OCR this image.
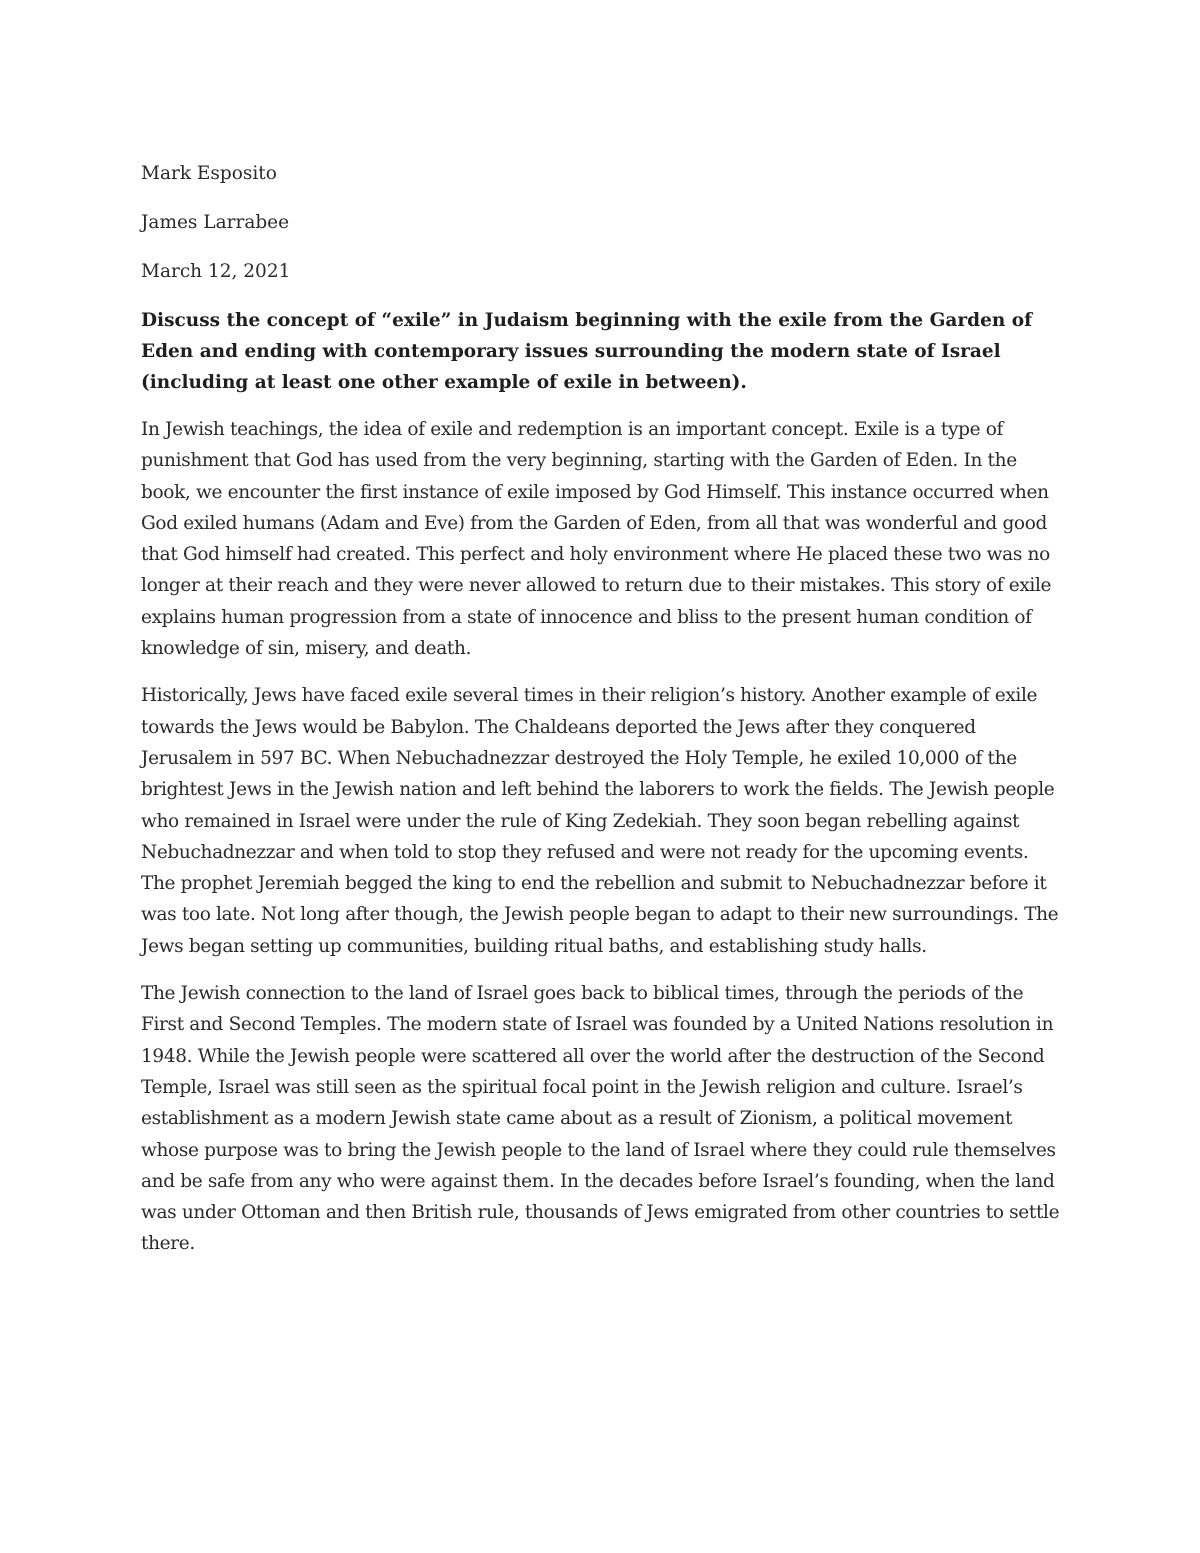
Mark Esposito

James Larrabee

March 12, 2021

Discuss the concept of “exile” in Judaism beginning with the exile from the Garden of Eden and ending with contemporary issues surrounding the modern state of Israel (including at least one other example of exile in between).

In Jewish teachings, the idea of exile and redemption is an important concept. Exile is a type of punishment that God has used from the very beginning, starting with the Garden of Eden. In the book, we encounter the first instance of exile imposed by God Himself. This instance occurred when God exiled humans (Adam and Eve) from the Garden of Eden, from all that was wonderful and good that God himself had created. This perfect and holy environment where He placed these two was no longer at their reach and they were never allowed to return due to their mistakes. This story of exile explains human progression from a state of innocence and bliss to the present human condition of knowledge of sin, misery, and death.

Historically, Jews have faced exile several times in their religion’s history. Another example of exile towards the Jews would be Babylon. The Chaldeans deported the Jews after they conquered Jerusalem in 597 BC. When Nebuchadnezzar destroyed the Holy Temple, he exiled 10,000 of the brightest Jews in the Jewish nation and left behind the laborers to work the fields. The Jewish people who remained in Israel were under the rule of King Zedekiah. They soon began rebelling against Nebuchadnezzar and when told to stop they refused and were not ready for the upcoming events. The prophet Jeremiah begged the king to end the rebellion and submit to Nebuchadnezzar before it was too late. Not long after though, the Jewish people began to adapt to their new surroundings. The Jews began setting up communities, building ritual baths, and establishing study halls.

The Jewish connection to the land of Israel goes back to biblical times, through the periods of the First and Second Temples. The modern state of Israel was founded by a United Nations resolution in 1948. While the Jewish people were scattered all over the world after the destruction of the Second Temple, Israel was still seen as the spiritual focal point in the Jewish religion and culture. Israel’s establishment as a modern Jewish state came about as a result of Zionism, a political movement whose purpose was to bring the Jewish people to the land of Israel where they could rule themselves and be safe from any who were against them. In the decades before Israel’s founding, when the land was under Ottoman and then British rule, thousands of Jews emigrated from other countries to settle there.
